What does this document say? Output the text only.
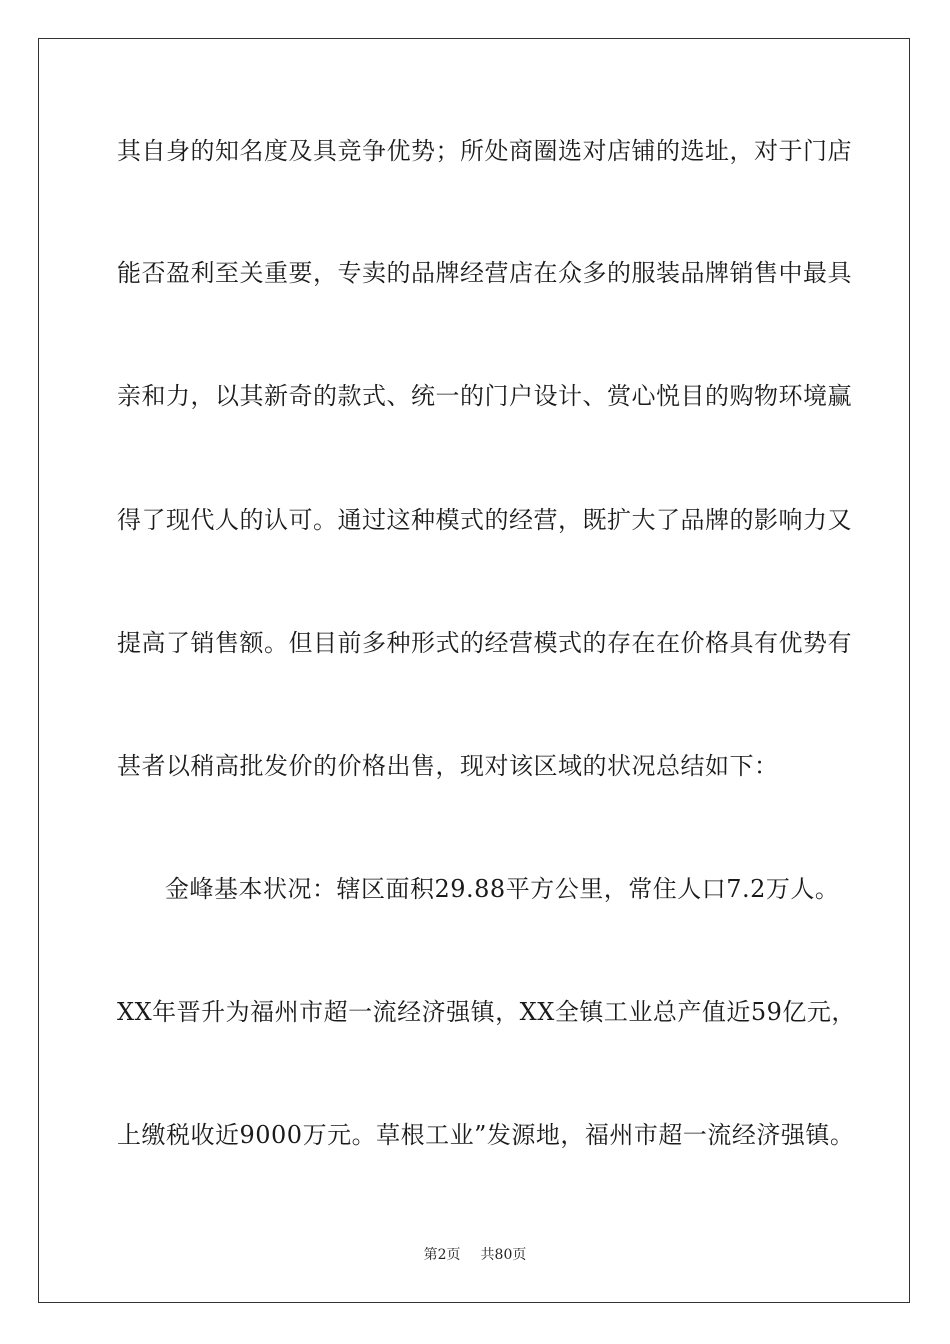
其自身的知名度及具竞争优势；所处商圈选对店铺的选址，对于门店
能否盈利至关重要，专卖的品牌经营店在众多的服装品牌销售中最具
亲和力，以其新奇的款式、统一的门户设计、赏心悦目的购物环境赢
得了现代人的认可。通过这种模式的经营，既扩大了品牌的影响力又
提高了销售额。但目前多种形式的经营模式的存在在价格具有优势有
甚者以稍高批发价的价格出售，现对该区域的状况总结如下：
金峰基本状况：辖区面积29.88平方公里，常住人口7.2万人。
XX年晋升为福州市超一流经济强镇，XX全镇工业总产值近59亿元，
上缴税收近9000万元。草根工业”发源地，福州市超一流经济强镇。
第2页 共80页
